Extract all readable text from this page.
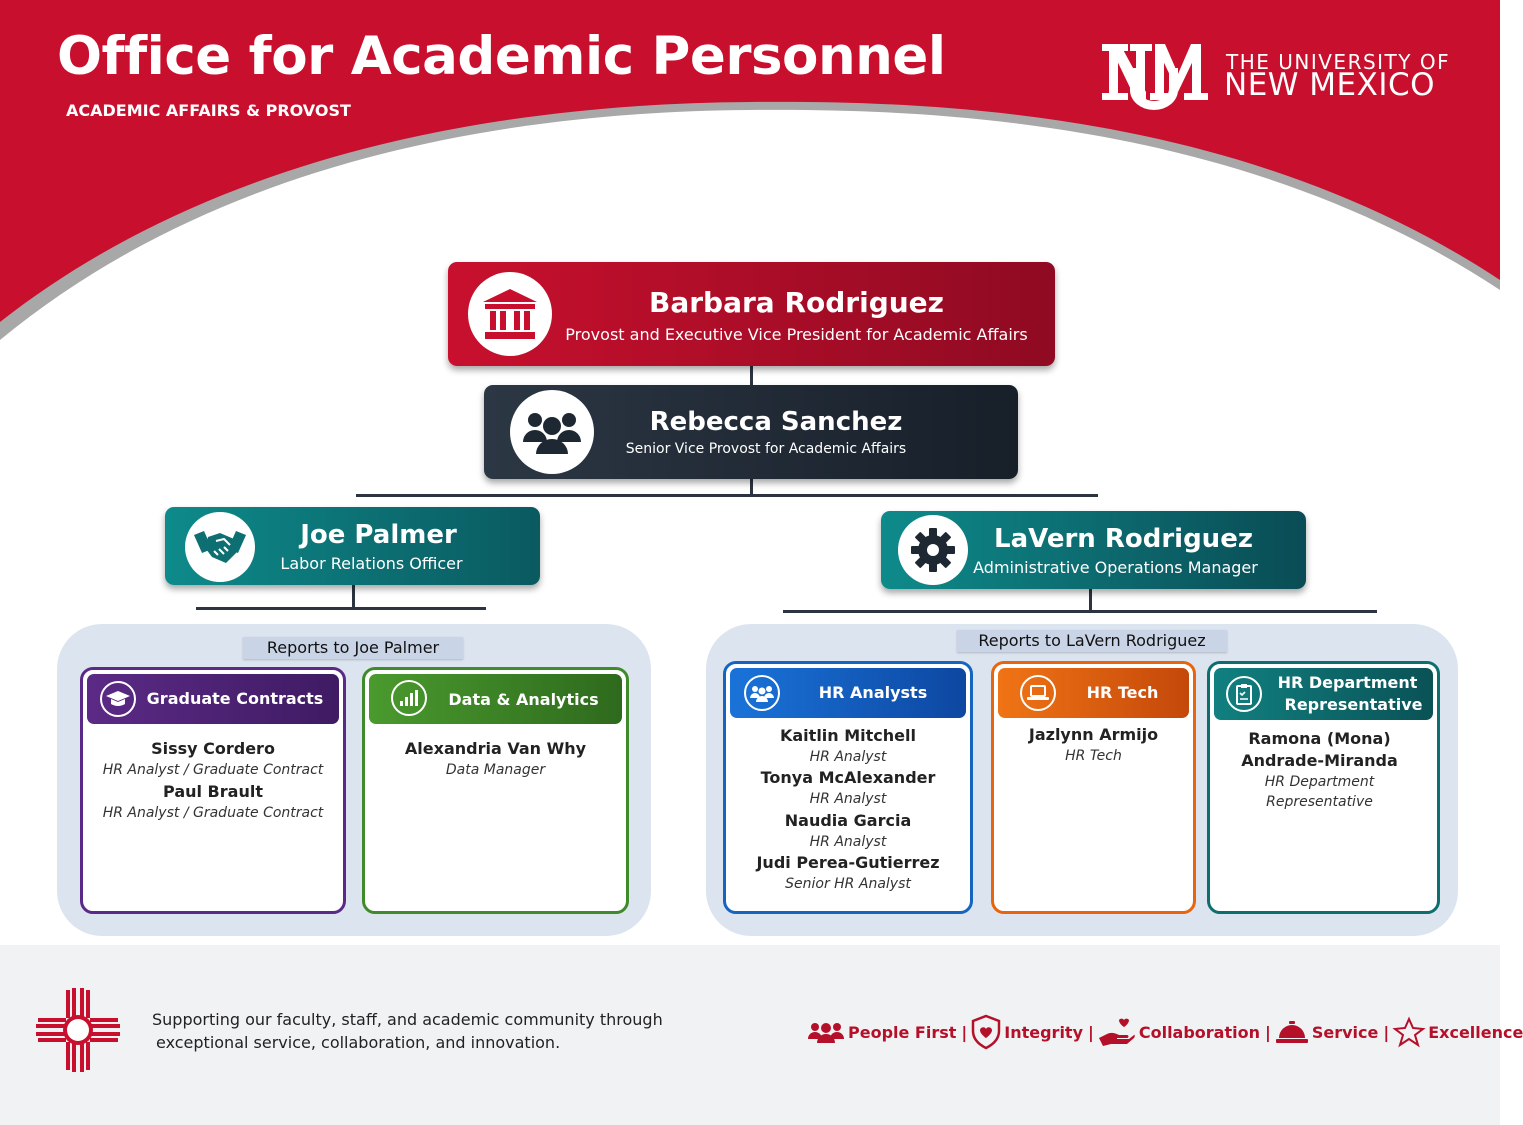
Office for Academic Personnel
ACADEMIC AFFAIRS & PROVOST
THE UNIVERSITY OF
NEW MEXICO
Barbara Rodriguez
Provost and Executive Vice President for Academic Affairs
Rebecca Sanchez
Senior Vice Provost for Academic Affairs
Joe Palmer
Labor Relations Officer
LaVern Rodriguez
Administrative Operations Manager
Reports to Joe Palmer
Graduate Contracts
Sissy Cordero
HR Analyst / Graduate Contract
Paul Brault
HR Analyst / Graduate Contract
Data & Analytics
Alexandria Van Why
Data Manager
Reports to LaVern Rodriguez
HR Analysts
Kaitlin Mitchell
HR Analyst
Tonya McAlexander
HR Analyst
Naudia Garcia
HR Analyst
Judi Perea-Gutierrez
Senior HR Analyst
HR Tech
Jazlynn Armijo
HR Tech
HR Department
Representative
Ramona (Mona)
Andrade-Miranda
HR Department
Representative
Supporting our faculty, staff, and academic community through
exceptional service, collaboration, and innovation.
People First | Integrity |	Collaboration |	Service | Excellence
